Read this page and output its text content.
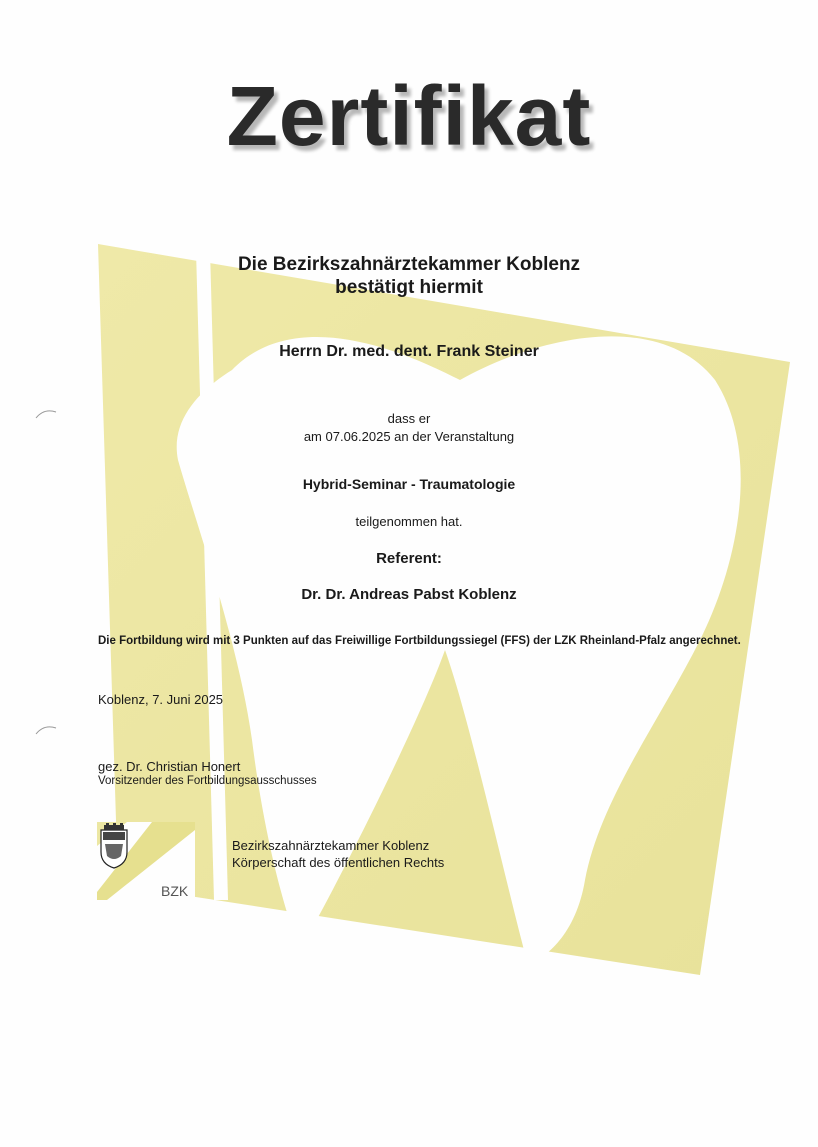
Zertifikat
Die Bezirkszahnärztekammer Koblenz
bestätigt hiermit
Herrn Dr. med. dent. Frank Steiner
dass er
am 07.06.2025 an der Veranstaltung
Hybrid-Seminar - Traumatologie
teilgenommen hat.
Referent:
Dr. Dr. Andreas Pabst Koblenz
Die Fortbildung wird mit 3 Punkten auf das Freiwillige Fortbildungssiegel (FFS) der LZK Rheinland-Pfalz angerechnet.
Koblenz, 7. Juni 2025
gez. Dr. Christian Honert
Vorsitzender des Fortbildungsausschusses
BZK
Bezirkszahnärztekammer Koblenz
Körperschaft des öffentlichen Rechts
